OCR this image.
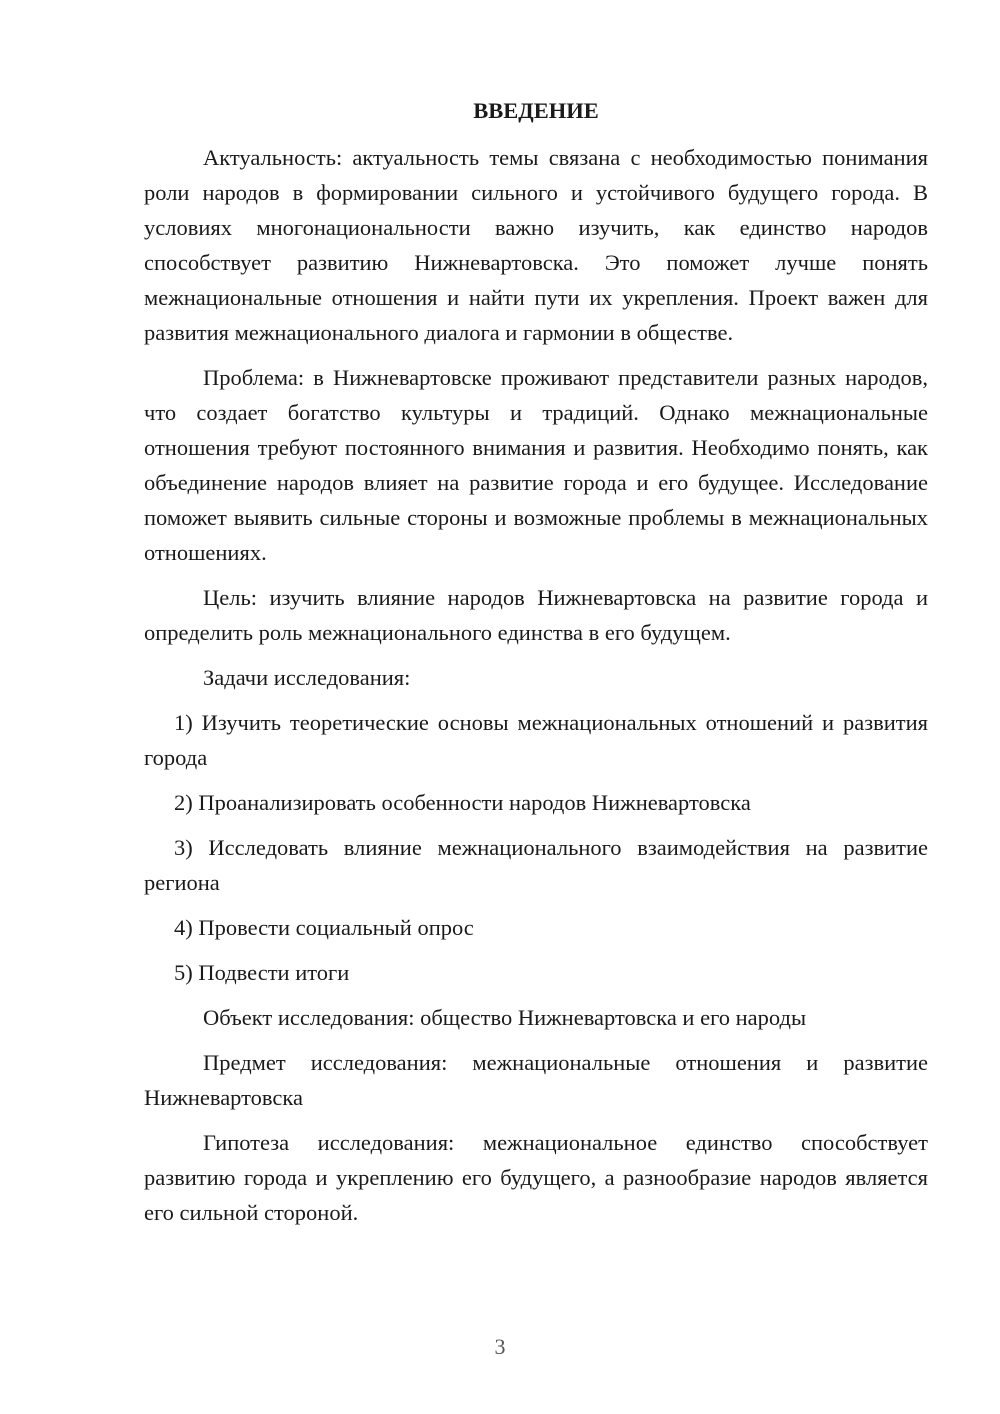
ВВЕДЕНИЕ

Актуальность: актуальность темы связана с необходимостью понимания роли народов в формировании сильного и устойчивого будущего города. В условиях многонациональности важно изучить, как единство народов способствует развитию Нижневартовска. Это поможет лучше понять межнациональные отношения и найти пути их укрепления. Проект важен для развития межнационального диалога и гармонии в обществе.

Проблема: в Нижневартовске проживают представители разных народов, что создает богатство культуры и традиций. Однако межнациональные отношения требуют постоянного внимания и развития. Необходимо понять, как объединение народов влияет на развитие города и его будущее. Исследование поможет выявить сильные стороны и возможные проблемы в межнациональных отношениях.

Цель: изучить влияние народов Нижневартовска на развитие города и определить роль межнационального единства в его будущем.

Задачи исследования:

1) Изучить теоретические основы межнациональных отношений и развития города

2) Проанализировать особенности народов Нижневартовска

3) Исследовать влияние межнационального взаимодействия на развитие региона

4) Провести социальный опрос

5) Подвести итоги

Объект исследования: общество Нижневартовска и его народы

Предмет исследования: межнациональные отношения и развитие Нижневартовска

Гипотеза исследования: межнациональное единство способствует развитию города и укреплению его будущего, а разнообразие народов является его сильной стороной.

3
